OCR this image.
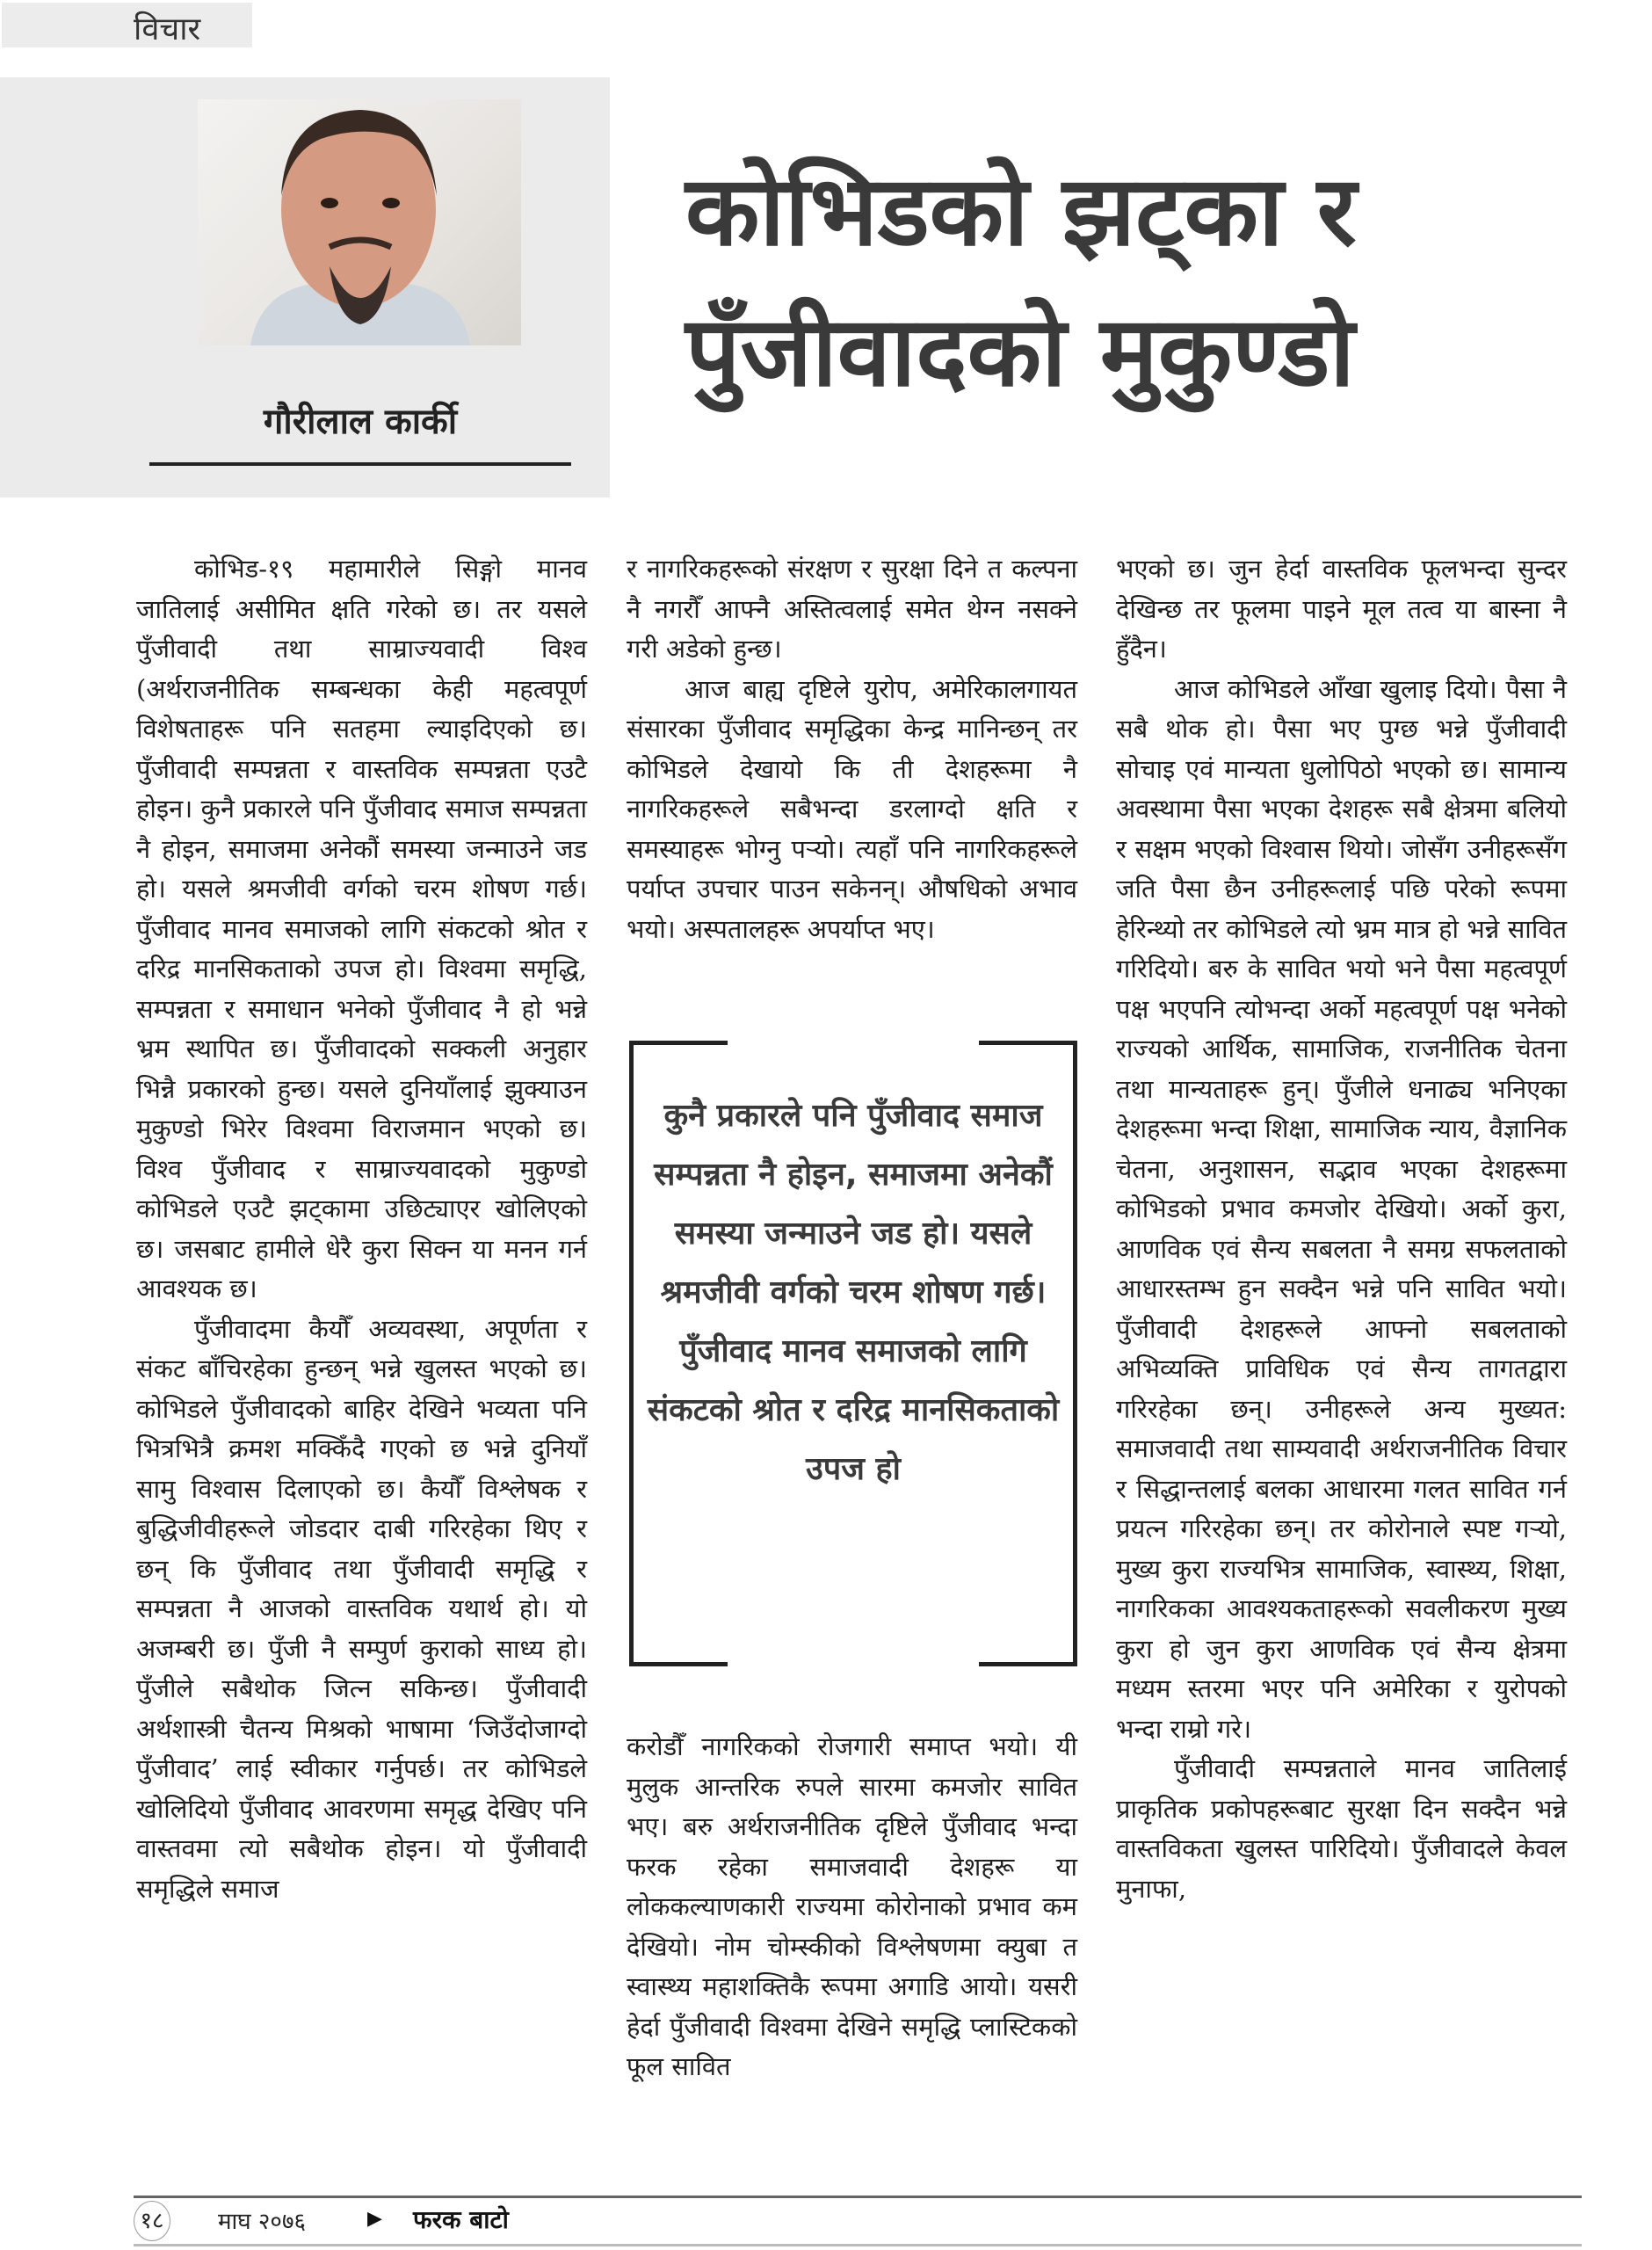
विचार
गौरीलाल कार्की
कोभिडको झट्का र
पुँजीवादको मुकुण्डो

कोभिड-१९ महामारीले सिङ्गो मानव जातिलाई असीमित क्षति गरेको छ। तर यसले पुँजीवादी तथा साम्राज्यवादी विश्व (अर्थराजनीतिक सम्बन्धका केही महत्वपूर्ण विशेषताहरू पनि सतहमा ल्याइदिएको छ। पुँजीवादी सम्पन्नता र वास्तविक सम्पन्नता एउटै होइन। कुनै प्रकारले पनि पुँजीवाद समाज सम्पन्नता नै होइन, समाजमा अनेकौं समस्या जन्माउने जड हो। यसले श्रमजीवी वर्गको चरम शोषण गर्छ। पुँजीवाद मानव समाजको लागि संकटको श्रोत र दरिद्र मानसिकताको उपज हो। विश्वमा समृद्धि, सम्पन्नता र समाधान भनेको पुँजीवाद नै हो भन्ने भ्रम स्थापित छ। पुँजीवादको सक्कली अनुहार भिन्नै प्रकारको हुन्छ। यसले दुनियाँलाई झुक्याउन मुकुण्डो भिरेर विश्वमा विराजमान भएको छ। विश्व पुँजीवाद र साम्राज्यवादको मुकुण्डो कोभिडले एउटै झट्कामा उछिट्याएर खोलिएको छ। जसबाट हामीले धेरै कुरा सिक्न या मनन गर्न आवश्यक छ।

पुँजीवादमा कैयौँ अव्यवस्था, अपूर्णता र संकट बाँचिरहेका हुन्छन् भन्ने खुलस्त भएको छ। कोभिडले पुँजीवादको बाहिर देखिने भव्यता पनि भित्रभित्रै क्रमश मक्किँदै गएको छ भन्ने दुनियाँ सामु विश्वास दिलाएको छ। कैयौँ विश्लेषक र बुद्धिजीवीहरूले जोडदार दाबी गरिरहेका थिए र छन् कि पुँजीवाद तथा पुँजीवादी समृद्धि र सम्पन्नता नै आजको वास्तविक यथार्थ हो। यो अजम्बरी छ। पुँजी नै सम्पुर्ण कुराको साध्य हो। पुँजीले सबैथोक जित्न सकिन्छ। पुँजीवादी अर्थशास्त्री चैतन्य मिश्रको भाषामा ‘जिउँदोजाग्दो पुँजीवाद’ लाई स्वीकार गर्नुपर्छ। तर कोभिडले खोलिदियो पुँजीवाद आवरणमा समृद्ध देखिए पनि वास्तवमा त्यो सबैथोक होइन। यो पुँजीवादी समृद्धिले समाज

र नागरिकहरूको संरक्षण र सुरक्षा दिने त कल्पना नै नगरौँ आफ्नै अस्तित्वलाई समेत थेग्न नसक्ने गरी अडेको हुन्छ।

आज बाह्य दृष्टिले युरोप, अमेरिकालगायत संसारका पुँजीवाद समृद्धिका केन्द्र मानिन्छन् तर कोभिडले देखायो कि ती देशहरूमा नै नागरिकहरूले सबैभन्दा डरलाग्दो क्षति र समस्याहरू भोग्नु पर्‍यो। त्यहाँ पनि नागरिकहरूले पर्याप्त उपचार पाउन सकेनन्। औषधिको अभाव भयो। अस्पतालहरू अपर्याप्त भए।

कुनै प्रकारले पनि पुँजीवाद समाज सम्पन्नता नै होइन, समाजमा अनेकौं समस्या जन्माउने जड हो। यसले श्रमजीवी वर्गको चरम शोषण गर्छ। पुँजीवाद मानव समाजको लागि संकटको श्रोत र दरिद्र मानसिकताको उपज हो

करोडौँ नागरिकको रोजगारी समाप्त भयो। यी मुलुक आन्तरिक रुपले सारमा कमजोर सावित भए। बरु अर्थराजनीतिक दृष्टिले पुँजीवाद भन्दा फरक रहेका समाजवादी देशहरू या लोककल्याणकारी राज्यमा कोरोनाको प्रभाव कम देखियो। नोम चोम्स्कीको विश्लेषणमा क्युबा त स्वास्थ्य महाशक्तिकै रूपमा अगाडि आयो। यसरी हेर्दा पुँजीवादी विश्वमा देखिने समृद्धि प्लास्टिकको फूल सावित

भएको छ। जुन हेर्दा वास्तविक फूलभन्दा सुन्दर देखिन्छ तर फूलमा पाइने मूल तत्व या बास्ना नै हुँदैन।

आज कोभिडले आँखा खुलाइ दियो। पैसा नै सबै थोक हो। पैसा भए पुग्छ भन्ने पुँजीवादी सोचाइ एवं मान्यता धुलोपिठो भएको छ। सामान्य अवस्थामा पैसा भएका देशहरू सबै क्षेत्रमा बलियो र सक्षम भएको विश्वास थियो। जोसँग उनीहरूसँग जति पैसा छैन उनीहरूलाई पछि परेको रूपमा हेरिन्थ्यो तर कोभिडले त्यो भ्रम मात्र हो भन्ने सावित गरिदियो। बरु के सावित भयो भने पैसा महत्वपूर्ण पक्ष भएपनि त्योभन्दा अर्को महत्वपूर्ण पक्ष भनेको राज्यको आर्थिक, सामाजिक, राजनीतिक चेतना तथा मान्यताहरू हुन्। पुँजीले धनाढ्य भनिएका देशहरूमा भन्दा शिक्षा, सामाजिक न्याय, वैज्ञानिक चेतना, अनुशासन, सद्भाव भएका देशहरूमा कोभिडको प्रभाव कमजोर देखियो। अर्को कुरा, आणविक एवं सैन्य सबलता नै समग्र सफलताको आधारस्तम्भ हुन सक्दैन भन्ने पनि सावित भयो। पुँजीवादी देशहरूले आफ्नो सबलताको अभिव्यक्ति प्राविधिक एवं सैन्य तागतद्वारा गरिरहेका छन्। उनीहरूले अन्य मुख्यत: समाजवादी तथा साम्यवादी अर्थराजनीतिक विचार र सिद्धान्तलाई बलका आधारमा गलत सावित गर्न प्रयत्न गरिरहेका छन्। तर कोरोनाले स्पष्ट गर्‍यो, मुख्य कुरा राज्यभित्र सामाजिक, स्वास्थ्य, शिक्षा, नागरिकका आवश्यकताहरूको सवलीकरण मुख्य कुरा हो जुन कुरा आणविक एवं सैन्य क्षेत्रमा मध्यम स्तरमा भएर पनि अमेरिका र युरोपको भन्दा राम्रो गरे।

पुँजीवादी सम्पन्नताले मानव जातिलाई प्राकृतिक प्रकोपहरूबाट सुरक्षा दिन सक्दैन भन्ने वास्तविकता खुलस्त पारिदियो। पुँजीवादले केवल मुनाफा,

१८ माघ २०७६	▶ फरक बाटो
